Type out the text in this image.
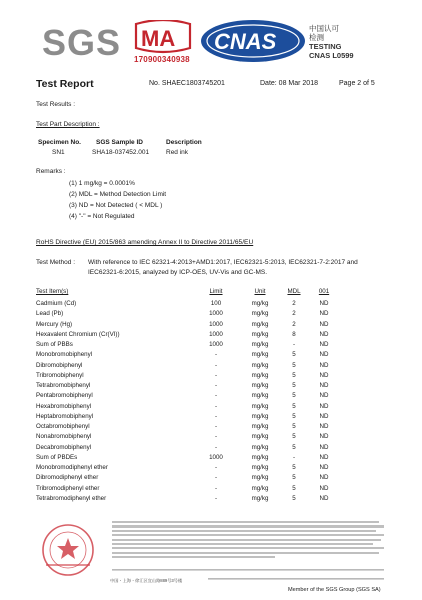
SGS MA
170900340938
CNAS
中国认可
检测
TESTING
CNAS L0599
Test Report	No. SHAEC1803745201	Date: 08 Mar 2018	Page 2 of 5
Test Results :
Test Part Description :
Specimen No. SGS Sample ID	Description
SN1	SHA18-037452.001	Red ink
Remarks :
(1) 1 mg/kg = 0.0001%
(2) MDL = Method Detection Limit
(3) ND = Not Detected ( < MDL )
(4) "-" = Not Regulated
RoHS Directive (EU) 2015/863 amending Annex II to Directive 2011/65/EU
Test Method : With reference to IEC 62321-4:2013+AMD1:2017, IEC62321-5:2013, IEC62321-7-2:2017 and
IEC62321-6:2015, analyzed by ICP-OES, UV-Vis and GC-MS.
Test Item(s)	Limit	Unit	MDL	001
Cadmium (Cd)	100	mg/kg	2	ND
Lead (Pb)	1000	mg/kg	2	ND
Mercury (Hg)	1000	mg/kg	2	ND
Hexavalent Chromium (Cr(VI))	1000	mg/kg	8	ND
Sum of PBBs	1000	mg/kg	-	ND
Monobromobiphenyl	-	mg/kg	5	ND
Dibromobiphenyl	-	mg/kg	5	ND
Tribromobiphenyl	-	mg/kg	5	ND
Tetrabromobiphenyl	-	mg/kg	5	ND
Pentabromobiphenyl	-	mg/kg	5	ND
Hexabromobiphenyl	-	mg/kg	5	ND
Heptabromobiphenyl	-	mg/kg	5	ND
Octabromobiphenyl	-	mg/kg	5	ND
Nonabromobiphenyl	-	mg/kg	5	ND
Decabromobiphenyl	-	mg/kg	5	ND
Sum of PBDEs	1000	mg/kg	-	ND
Monobromodiphenyl ether	-	mg/kg	5	ND
Dibromodiphenyl ether	-	mg/kg	5	ND
Tribromodiphenyl ether	-	mg/kg	5	ND
Tetrabromodiphenyl ether	-	mg/kg	5	ND
中国・上海・徐汇区宜山路889号3号楼
Member of the SGS Group (SGS SA)
